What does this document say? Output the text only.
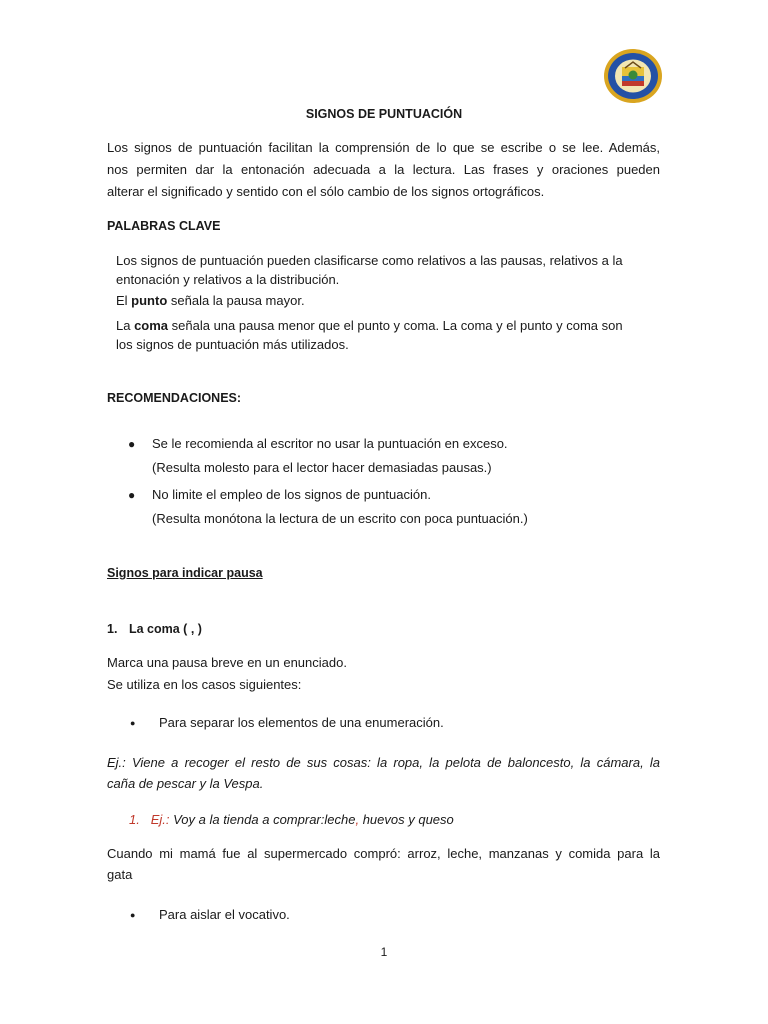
SIGNOS DE PUNTUACIÓN
Los signos de puntuación facilitan la comprensión de lo que se escribe o se lee. Además,
nos permiten dar la entonación adecuada a la lectura. Las frases y oraciones pueden
alterar el significado y sentido con el sólo cambio de los signos ortográficos.
PALABRAS CLAVE
Los signos de puntuación pueden clasificarse como relativos a las pausas, relativos a la
entonación y relativos a la distribución.
El punto señala la pausa mayor.
La coma señala una pausa menor que el punto y coma. La coma y el punto y coma son
los signos de puntuación más utilizados.
RECOMENDACIONES:
● Se le recomienda al escritor no usar la puntuación en exceso.
(Resulta molesto para el lector hacer demasiadas pausas.)
● No limite el empleo de los signos de puntuación.
(Resulta monótona la lectura de un escrito con poca puntuación.)
Signos para indicar pausa
1. La coma ( , )
Marca una pausa breve en un enunciado.
Se utiliza en los casos siguientes:
● Para separar los elementos de una enumeración.
Ej.: Viene a recoger el resto de sus cosas: la ropa, la pelota de baloncesto, la cámara, la
caña de pescar y la Vespa.
1. Ej.: Voy a la tienda a comprar:leche, huevos y queso
Cuando mi mamá fue al supermercado compró: arroz, leche, manzanas y comida para la
gata
● Para aislar el vocativo.
1
